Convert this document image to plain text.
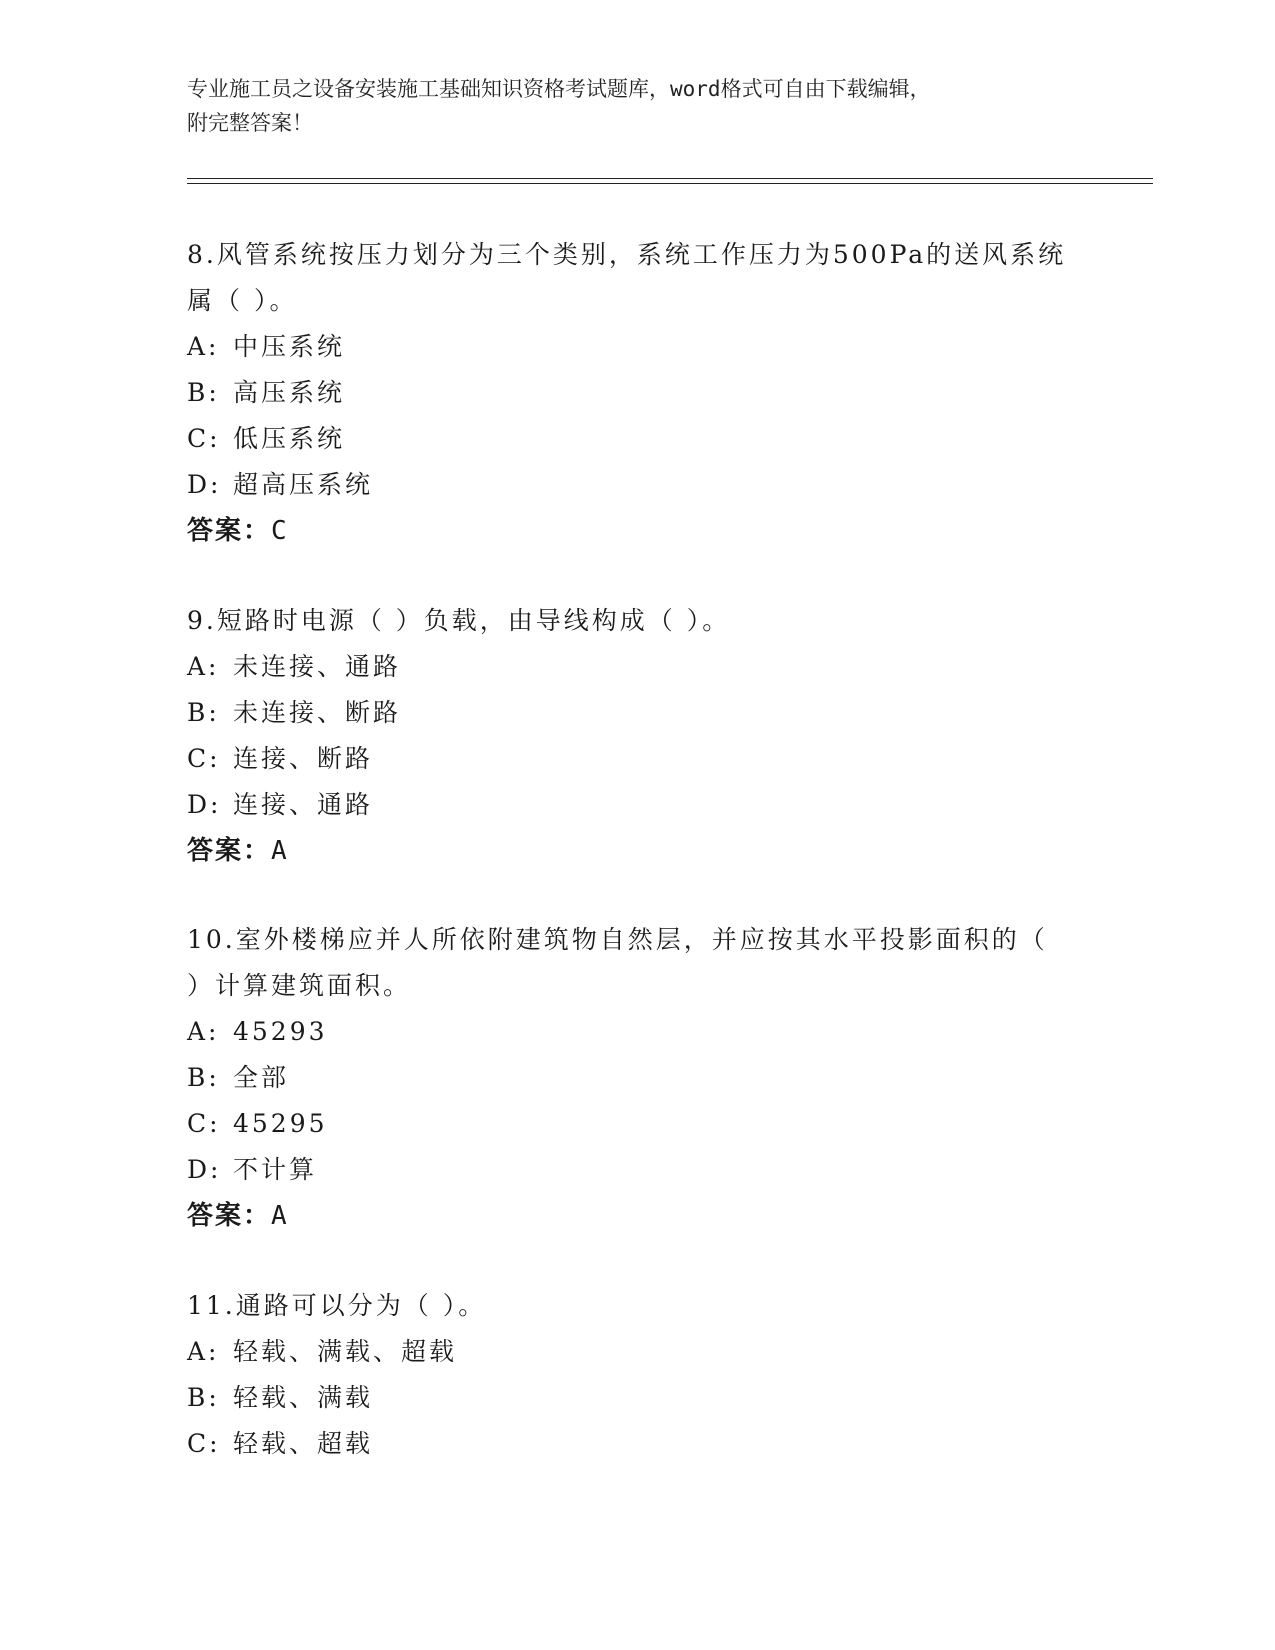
专业施工员之设备安装施工基础知识资格考试题库，word格式可自由下载编辑，
附完整答案！

8.风管系统按压力划分为三个类别，系统工作压力为500Pa的送风系统属（ ）。

A: 中压系统

B: 高压系统

C: 低压系统

D: 超高压系统

答案：C

9.短路时电源（ ）负载，由导线构成（ ）。

A: 未连接、通路

B: 未连接、断路

C: 连接、断路

D: 连接、通路

答案：A

10.室外楼梯应并人所依附建筑物自然层，并应按其水平投影面积的（ ）计算建筑面积。

A: 45293

B: 全部

C: 45295

D: 不计算

答案：A

11.通路可以分为（ ）。

A: 轻载、满载、超载

B: 轻载、满载

C: 轻载、超载
